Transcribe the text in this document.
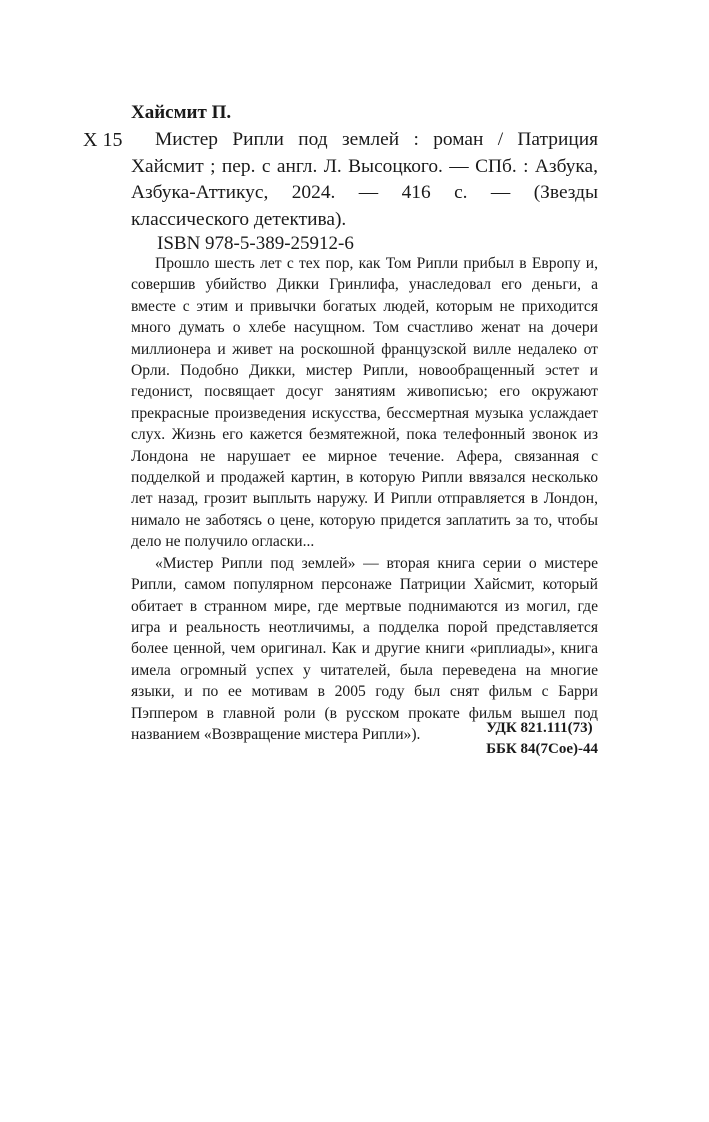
Хайсмит П.
Х 15	Мистер Рипли под землей : роман / Патриция Хайсмит ; пер. с англ. Л. Высоцкого. — СПб. : Азбука, Азбука-Аттикус, 2024. — 416 с. — (Звезды классического детектива).

ISBN 978-5-389-25912-6

Прошло шесть лет с тех пор, как Том Рипли прибыл в Европу и, совершив убийство Дикки Гринлифа, унаследовал его деньги, а вместе с этим и привычки богатых людей, которым не приходится много думать о хлебе насущном. Том счастливо женат на дочери миллионера и живет на роскошной французской вилле недалеко от Орли. Подобно Дикки, мистер Рипли, новообращенный эстет и гедонист, посвящает досуг занятиям живописью; его окружают прекрасные произведения искусства, бессмертная музыка услаждает слух. Жизнь его кажется безмятежной, пока телефонный звонок из Лондона не нарушает ее мирное течение. Афера, связанная с подделкой и продажей картин, в которую Рипли ввязался несколько лет назад, грозит выплыть наружу. И Рипли отправляется в Лондон, нимало не заботясь о цене, которую придется заплатить за то, чтобы дело не получило огласки...

«Мистер Рипли под землей» — вторая книга серии о мистере Рипли, самом популярном персонаже Патриции Хайсмит, который обитает в странном мире, где мертвые поднимаются из могил, где игра и реальность неотличимы, а подделка порой представляется более ценной, чем оригинал. Как и другие книги «риплиады», книга имела огромный успех у читателей, была переведена на многие языки, и по ее мотивам в 2005 году был снят фильм с Барри Пэппером в главной роли (в русском прокате фильм вышел под названием «Возвращение мистера Рипли»).	УДК 821.111(73)
ББК 84(7Сое)-44
